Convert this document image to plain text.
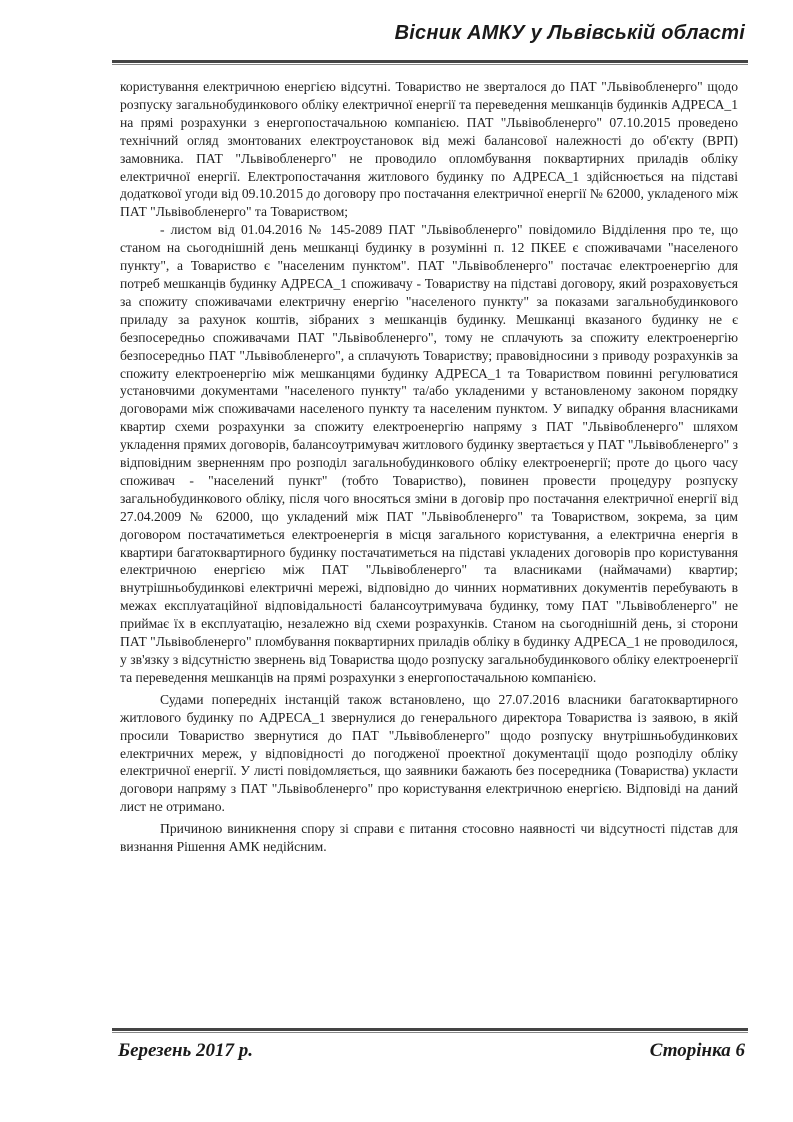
Вісник АМКУ у Львівській області

користування електричною енергією відсутні. Товариство не зверталося до ПАТ "Львівобленерго" щодо розпуску загальнобудинкового обліку електричної енергії та переведення мешканців будинків АДРЕСА_1 на прямі розрахунки з енергопостачальною компанією. ПАТ "Львівобленерго" 07.10.2015 проведено технічний огляд змонтованих електроустановок від межі балансової належності до об'єкту (ВРП) замовника. ПАТ "Львівобленерго" не проводило опломбування поквартирних приладів обліку електричної енергії. Електропостачання житлового будинку по АДРЕСА_1 здійснюється на підставі додаткової угоди від 09.10.2015 до договору про постачання електричної енергії № 62000, укладеного між ПАТ "Львівобленерго" та Товариством;

- листом від 01.04.2016 № 145-2089 ПАТ "Львівобленерго" повідомило Відділення про те, що станом на сьогоднішній день мешканці будинку в розумінні п. 12 ПКЕЕ є споживачами "населеного пункту", а Товариство є "населеним пунктом". ПАТ "Львівобленерго" постачає електроенергію для потреб мешканців будинку АДРЕСА_1 споживачу - Товариству на підставі договору, який розраховується за спожиту споживачами електричну енергію "населеного пункту" за показами загальнобудинкового приладу за рахунок коштів, зібраних з мешканців будинку. Мешканці вказаного будинку не є безпосередньо споживачами ПАТ "Львівобленерго", тому не сплачують за спожиту електроенергію безпосередньо ПАТ "Львівобленерго", а сплачують Товариству; правовідносини з приводу розрахунків за спожиту електроенергію між мешканцями будинку АДРЕСА_1 та Товариством повинні регулюватися установчими документами "населеного пункту" та/або укладеними у встановленому законом порядку договорами між споживачами населеного пункту та населеним пунктом. У випадку обрання власниками квартир схеми розрахунки за спожиту електроенергію напряму з ПАТ "Львівобленерго" шляхом укладення прямих договорів, балансоутримувач житлового будинку звертається у ПАТ "Львівобленерго" з відповідним зверненням про розподіл загальнобудинкового обліку електроенергії; проте до цього часу споживач - "населений пункт" (тобто Товариство), повинен провести процедуру розпуску загальнобудинкового обліку, після чого вносяться зміни в договір про постачання електричної енергії від 27.04.2009 № 62000, що укладений між ПАТ "Львівобленерго" та Товариством, зокрема, за цим договором постачатиметься електроенергія в місця загального користування, а електрична енергія в квартири багатоквартирного будинку постачатиметься на підставі укладених договорів про користування електричною енергією між ПАТ "Львівобленерго" та власниками (наймачами) квартир; внутрішньобудинкові електричні мережі, відповідно до чинних нормативних документів перебувають в межах експлуатаційної відповідальності балансоутримувача будинку, тому ПАТ "Львівобленерго" не приймає їх в експлуатацію, незалежно від схеми розрахунків. Станом на сьогоднішній день, зі сторони ПАТ "Львівобленерго" пломбування поквартирних приладів обліку в будинку АДРЕСА_1 не проводилося, у зв'язку з відсутністю звернень від Товариства щодо розпуску загальнобудинкового обліку електроенергії та переведення мешканців на прямі розрахунки з енергопостачальною компанією.

Судами попередніх інстанцій також встановлено, що 27.07.2016 власники багатоквартирного житлового будинку по АДРЕСА_1 звернулися до генерального директора Товариства із заявою, в якій просили Товариство звернутися до ПАТ "Львівобленерго" щодо розпуску внутрішньобудинкових електричних мереж, у відповідності до погодженої проектної документації щодо розподілу обліку електричної енергії. У листі повідомляється, що заявники бажають без посередника (Товариства) укласти договори напряму з ПАТ "Львівобленерго" про користування електричною енергією. Відповіді на даний лист не отримано.

Причиною виникнення спору зі справи є питання стосовно наявності чи відсутності підстав для визнання Рішення АМК недійсним.

Березень 2017 р.	Сторінка 6
